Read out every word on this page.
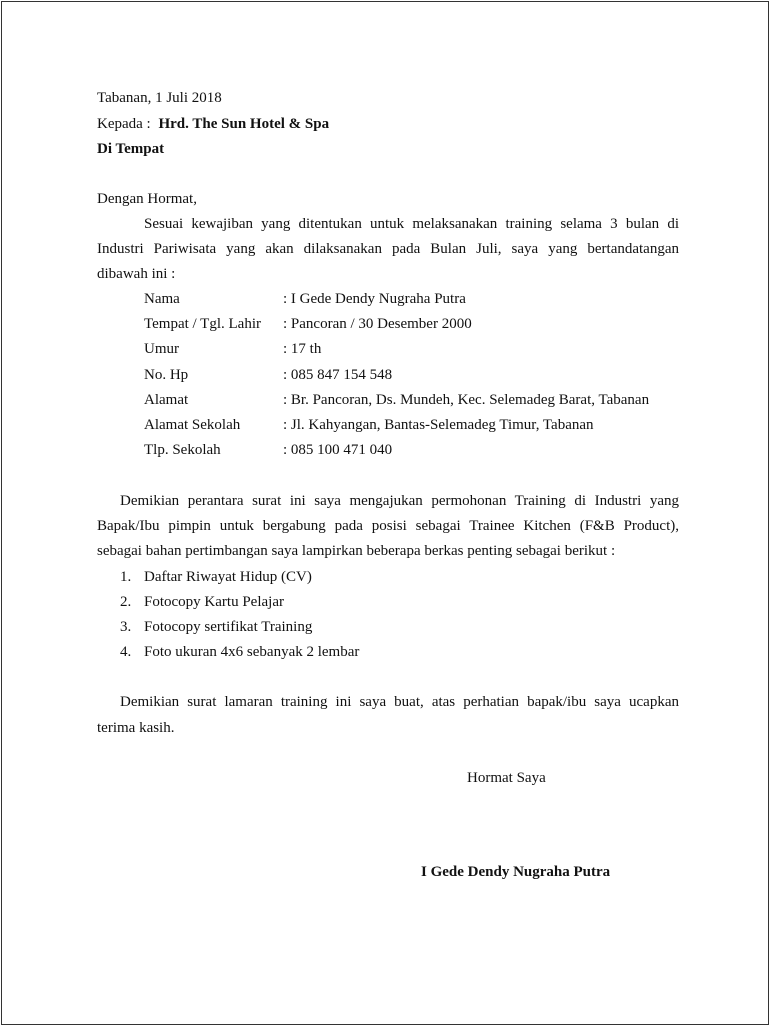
Tabanan, 1 Juli 2018
Kepada : Hrd. The Sun Hotel & Spa
Di Tempat
Dengan Hormat,
Sesuai kewajiban yang ditentukan untuk melaksanakan training selama 3 bulan di
Industri Pariwisata yang akan dilaksanakan pada Bulan Juli, saya yang bertandatangan
dibawah ini :
Nama	: I Gede Dendy Nugraha Putra
Tempat / Tgl. Lahir : Pancoran / 30 Desember 2000
Umur	: 17 th
No. Hp	: 085 847 154 548
Alamat	: Br. Pancoran, Ds. Mundeh, Kec. Selemadeg Barat, Tabanan
Alamat Sekolah	: Jl. Kahyangan, Bantas-Selemadeg Timur, Tabanan
Tlp. Sekolah	: 085 100 471 040
Demikian perantara surat ini saya mengajukan permohonan Training di Industri yang
Bapak/Ibu pimpin untuk bergabung pada posisi sebagai Trainee Kitchen (F&B Product),
sebagai bahan pertimbangan saya lampirkan beberapa berkas penting sebagai berikut :
1. Daftar Riwayat Hidup (CV)
2. Fotocopy Kartu Pelajar
3. Fotocopy sertifikat Training
4. Foto ukuran 4x6 sebanyak 2 lembar
Demikian surat lamaran training ini saya buat, atas perhatian bapak/ibu saya ucapkan
terima kasih.
Hormat Saya
I Gede Dendy Nugraha Putra
